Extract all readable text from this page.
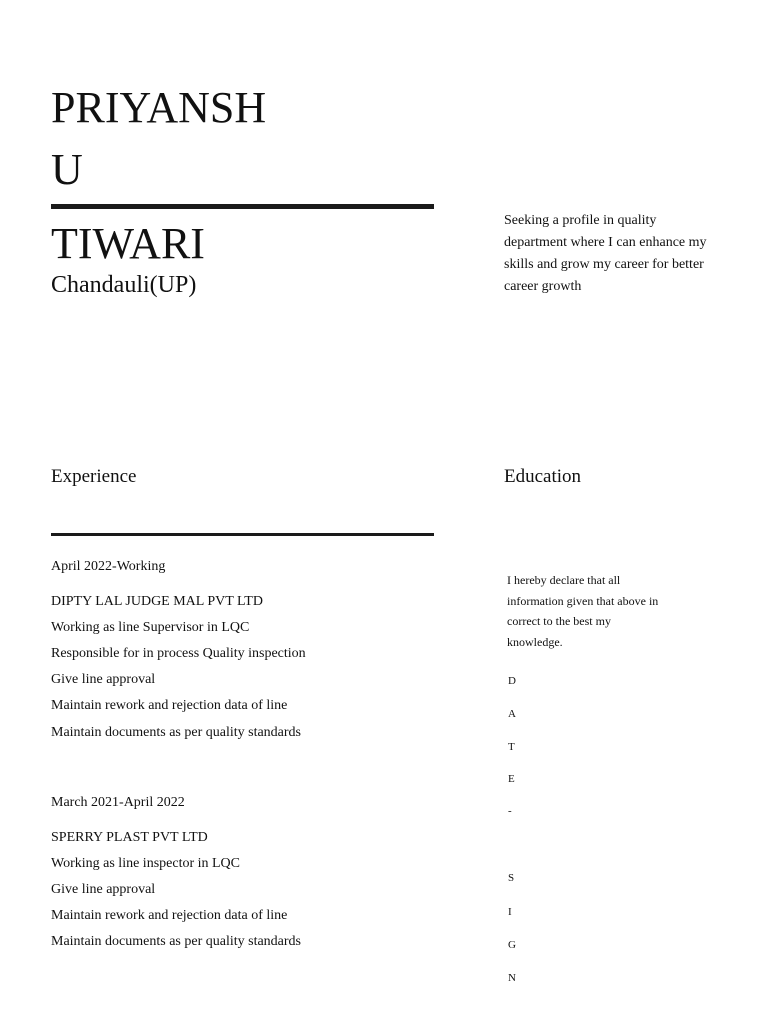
PRIYANSH
U
TIWARI
Chandauli(UP)
Seeking a profile in quality department where I can enhance my skills and grow my career for better career growth
Experience	Education
April 2022-Working
DIPTY LAL JUDGE MAL PVT LTD
Working as line Supervisor in LQC
Responsible for in process Quality inspection
Give line approval
Maintain rework and rejection data of line
Maintain documents as per quality standards
March 2021-April 2022
SPERRY PLAST PVT LTD
Working as line inspector in LQC
Give line approval
Maintain rework and rejection data of line
Maintain documents as per quality standards
I hereby declare that all information given that above in correct to the best my knowledge.
D
A
T
E
-
S
I
G
N
